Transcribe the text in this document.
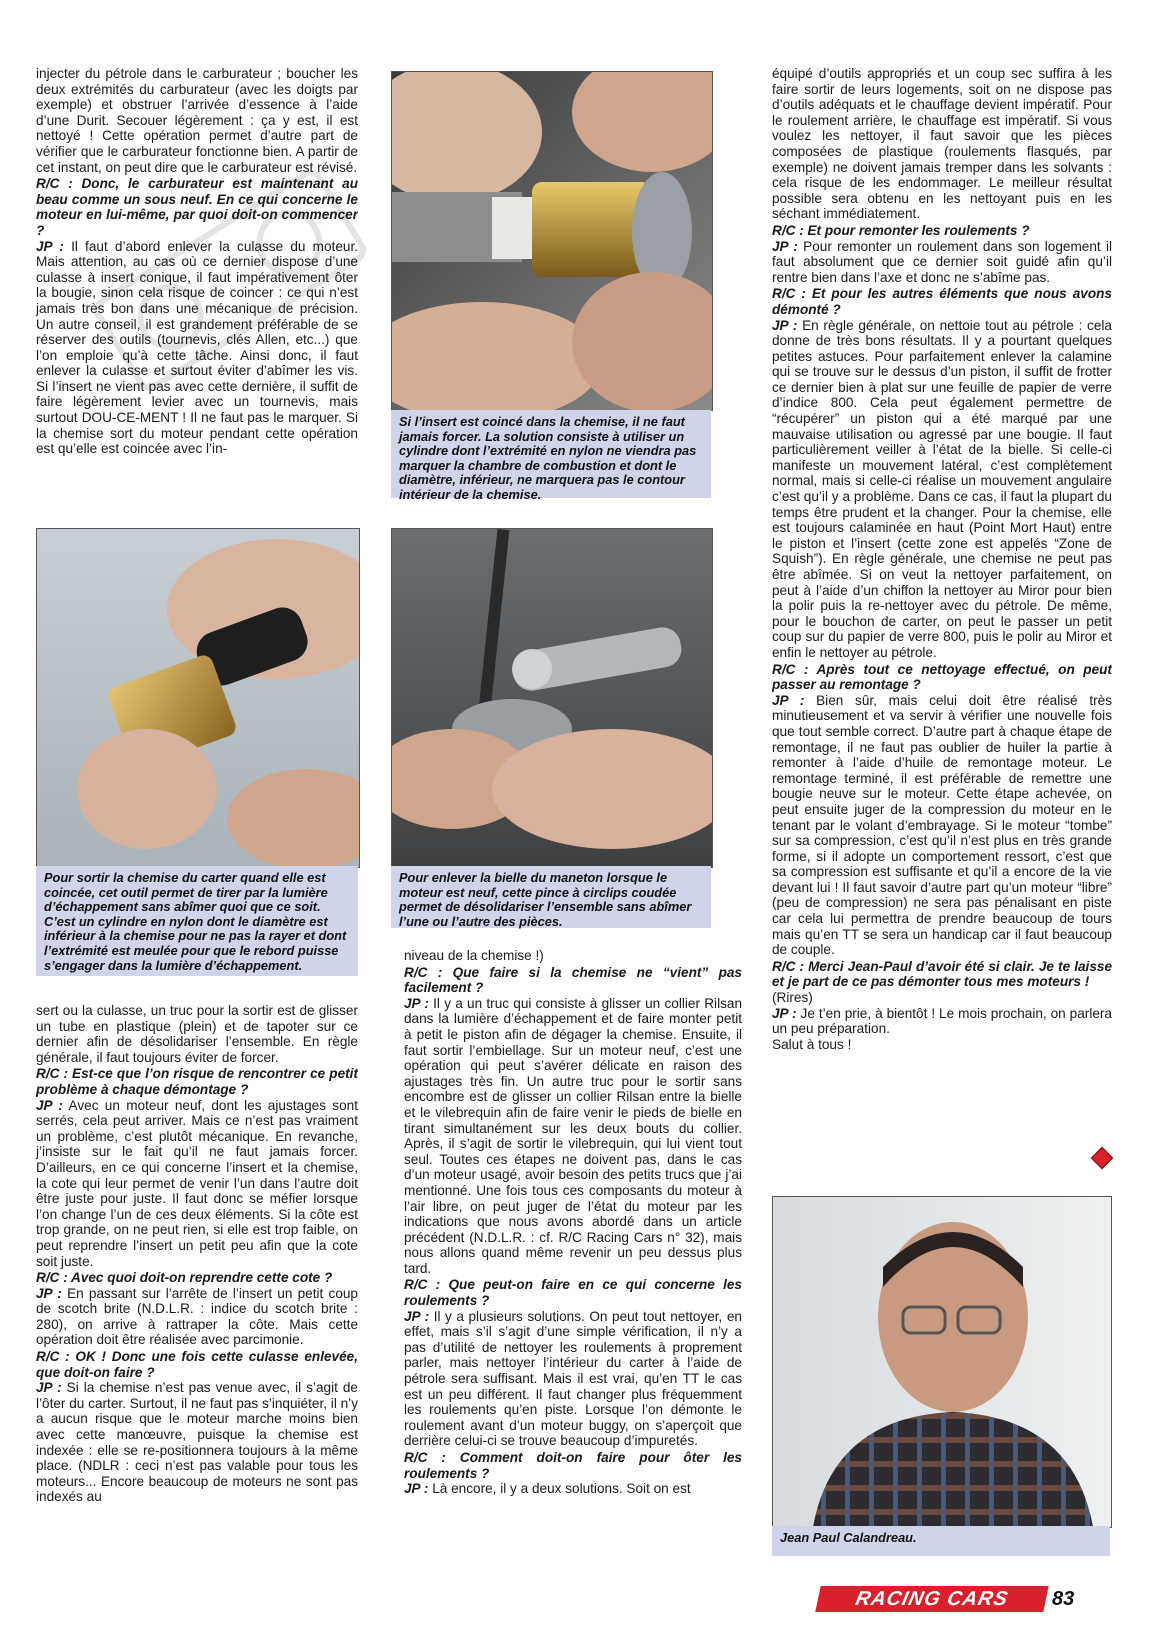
injecter du pétrole dans le carburateur ; boucher les deux extrémités du carburateur (avec les doigts par exemple) et obstruer l’arrivée d’essence à l’aide d’une Durit. Secouer légèrement : ça y est, il est nettoyé ! Cette opération permet d’autre part de vérifier que le carburateur fonctionne bien. A partir de cet instant, on peut dire que le carburateur est révisé.

R/C : Donc, le carburateur est maintenant au beau comme un sous neuf. En ce qui concerne le moteur en lui-même, par quoi doit-on commencer ?

JP : Il faut d’abord enlever la culasse du moteur. Mais attention, au cas où ce dernier dispose d’une culasse à insert conique, il faut impérativement ôter la bougie, sinon cela risque de coincer : ce qui n’est jamais très bon dans une mécanique de précision. Un autre conseil, il est grandement préférable de se réserver des outils (tournevis, clés Allen, etc...) que l’on emploie qu’à cette tâche. Ainsi donc, il faut enlever la culasse et surtout éviter d’abîmer les vis. Si l’insert ne vient pas avec cette dernière, il suffit de faire légèrement levier avec un tournevis, mais surtout DOU-CE-MENT ! Il ne faut pas le marquer. Si la chemise sort du moteur pendant cette opération est qu’elle est coincée avec l’in-

Si l’insert est coincé dans la chemise, il ne faut jamais forcer. La solution consiste à utiliser un cylindre dont l’extrémité en nylon ne viendra pas marquer la chambre de combustion et dont le diamètre, inférieur, ne marquera pas le contour intérieur de la chemise.
Pour sortir la chemise du carter quand elle est coincée, cet outil permet de tirer par la lumière d’échappement sans abîmer quoi que ce soit. C’est un cylindre en nylon dont le diamètre est inférieur à la chemise pour ne pas la rayer et dont l’extrémité est meulée pour que le rebord puisse s’engager dans la lumière d’échappement.
Pour enlever la bielle du maneton lorsque le moteur est neuf, cette pince à circlips coudée permet de désolidariser l’ensemble sans abîmer l’une ou l’autre des pièces.

sert ou la culasse, un truc pour la sortir est de glisser un tube en plastique (plein) et de tapoter sur ce dernier afin de désolidariser l’ensemble. En règle générale, il faut toujours éviter de forcer.

R/C : Est-ce que l’on risque de rencontrer ce petit problème à chaque démontage ?

JP : Avec un moteur neuf, dont les ajustages sont serrés, cela peut arriver. Mais ce n’est pas vraiment un problème, c’est plutôt mécanique. En revanche, j’insiste sur le fait qu’il ne faut jamais forcer. D’ailleurs, en ce qui concerne l’insert et la chemise, la cote qui leur permet de venir l’un dans l’autre doit être juste pour juste. Il faut donc se méfier lorsque l’on change l’un de ces deux éléments. Si la côte est trop grande, on ne peut rien, si elle est trop faible, on peut reprendre l’insert un petit peu afin que la cote soit juste.

R/C : Avec quoi doit-on reprendre cette cote ?

JP : En passant sur l’arrête de l’insert un petit coup de scotch brite (N.D.L.R. : indice du scotch brite : 280), on arrive à rattraper la côte. Mais cette opération doit être réalisée avec parcimonie.

R/C : OK ! Donc une fois cette culasse enlevée, que doit-on faire ?

JP : Si la chemise n’est pas venue avec, il s’agit de l’ôter du carter. Surtout, il ne faut pas s’inquiéter, il n’y a aucun risque que le moteur marche moins bien avec cette manœuvre, puisque la chemise est indexée : elle se re-positionnera toujours à la même place. (NDLR : ceci n’est pas valable pour tous les moteurs... Encore beaucoup de moteurs ne sont pas indexés au

niveau de la chemise !)

R/C : Que faire si la chemise ne “vient” pas facilement ?

JP : Il y a un truc qui consiste à glisser un collier Rilsan dans la lumière d’échappement et de faire monter petit à petit le piston afin de dégager la chemise. Ensuite, il faut sortir l’embiellage. Sur un moteur neuf, c’est une opération qui peut s’avérer délicate en raison des ajustages très fin. Un autre truc pour le sortir sans encombre est de glisser un collier Rilsan entre la bielle et le vilebrequin afin de faire venir le pieds de bielle en tirant simultanément sur les deux bouts du collier. Après, il s’agit de sortir le vilebrequin, qui lui vient tout seul. Toutes ces étapes ne doivent pas, dans le cas d’un moteur usagé, avoir besoin des petits trucs que j’ai mentionné. Une fois tous ces composants du moteur à l’air libre, on peut juger de l’état du moteur par les indications que nous avons abordé dans un article précédent (N.D.L.R. : cf. R/C Racing Cars n° 32), mais nous allons quand même revenir un peu dessus plus tard.

R/C : Que peut-on faire en ce qui concerne les roulements ?

JP : Il y a plusieurs solutions. On peut tout nettoyer, en effet, mais s’il s’agit d’une simple vérification, il n’y a pas d’utilité de nettoyer les roulements à proprement parler, mais nettoyer l’intérieur du carter à l’aide de pétrole sera suffisant. Mais il est vrai, qu’en TT le cas est un peu différent. Il faut changer plus fréquemment les roulements qu’en piste. Lorsque l’on démonte le roulement avant d’un moteur buggy, on s’aperçoit que derrière celui-ci se trouve beaucoup d’impuretés.

R/C : Comment doit-on faire pour ôter les roulements ?

JP : Là encore, il y a deux solutions. Soit on est

équipé d’outils appropriés et un coup sec suffira à les faire sortir de leurs logements, soit on ne dispose pas d’outils adéquats et le chauffage devient impératif. Pour le roulement arrière, le chauffage est impératif. Si vous voulez les nettoyer, il faut savoir que les pièces composées de plastique (roulements flasqués, par exemple) ne doivent jamais tremper dans les solvants : cela risque de les endommager. Le meilleur résultat possible sera obtenu en les nettoyant puis en les séchant immédiatement.

R/C : Et pour remonter les roulements ?

JP : Pour remonter un roulement dans son logement il faut absolument que ce dernier soit guidé afin qu’il rentre bien dans l’axe et donc ne s’abîme pas.

R/C : Et pour les autres éléments que nous avons démonté ?

JP : En règle générale, on nettoie tout au pétrole : cela donne de très bons résultats. Il y a pourtant quelques petites astuces. Pour parfaitement enlever la calamine qui se trouve sur le dessus d’un piston, il suffit de frotter ce dernier bien à plat sur une feuille de papier de verre d’indice 800. Cela peut également permettre de “récupérer” un piston qui a été marqué par une mauvaise utilisation ou agressé par une bougie. Il faut particulièrement veiller à l’état de la bielle. Si celle-ci manifeste un mouvement latéral, c’est complètement normal, mais si celle-ci réalise un mouvement angulaire c’est qu’il y a problème. Dans ce cas, il faut la plupart du temps être prudent et la changer. Pour la chemise, elle est toujours calaminée en haut (Point Mort Haut) entre le piston et l’insert (cette zone est appelés “Zone de Squish”). En règle générale, une chemise ne peut pas être abîmée. Si on veut la nettoyer parfaitement, on peut à l’aide d’un chiffon la nettoyer au Miror pour bien la polir puis la re-nettoyer avec du pétrole. De même, pour le bouchon de carter, on peut le passer un petit coup sur du papier de verre 800, puis le polir au Miror et enfin le nettoyer au pétrole.

R/C : Après tout ce nettoyage effectué, on peut passer au remontage ?

JP : Bien sûr, mais celui doit être réalisé très minutieusement et va servir à vérifier une nouvelle fois que tout semble correct. D’autre part à chaque étape de remontage, il ne faut pas oublier de huiler la partie à remonter à l’aide d’huile de remontage moteur. Le remontage terminé, il est préférable de remettre une bougie neuve sur le moteur. Cette étape achevée, on peut ensuite juger de la compression du moteur en le tenant par le volant d’embrayage. Si le moteur “tombe” sur sa compression, c’est qu’il n’est plus en très grande forme, si il adopte un comportement ressort, c’est que sa compression est suffisante et qu’il a encore de la vie devant lui ! Il faut savoir d’autre part qu’un moteur “libre” (peu de compression) ne sera pas pénalisant en piste car cela lui permettra de prendre beaucoup de tours mais qu’en TT se sera un handicap car il faut beaucoup de couple.

R/C : Merci Jean-Paul d’avoir été si clair. Je te laisse et je part de ce pas démonter tous mes moteurs !

(Rires)

JP : Je t’en prie, à bientôt ! Le mois prochain, on parlera un peu préparation.

Salut à tous !

Jean Paul Calandreau.
RACING CARS	83
